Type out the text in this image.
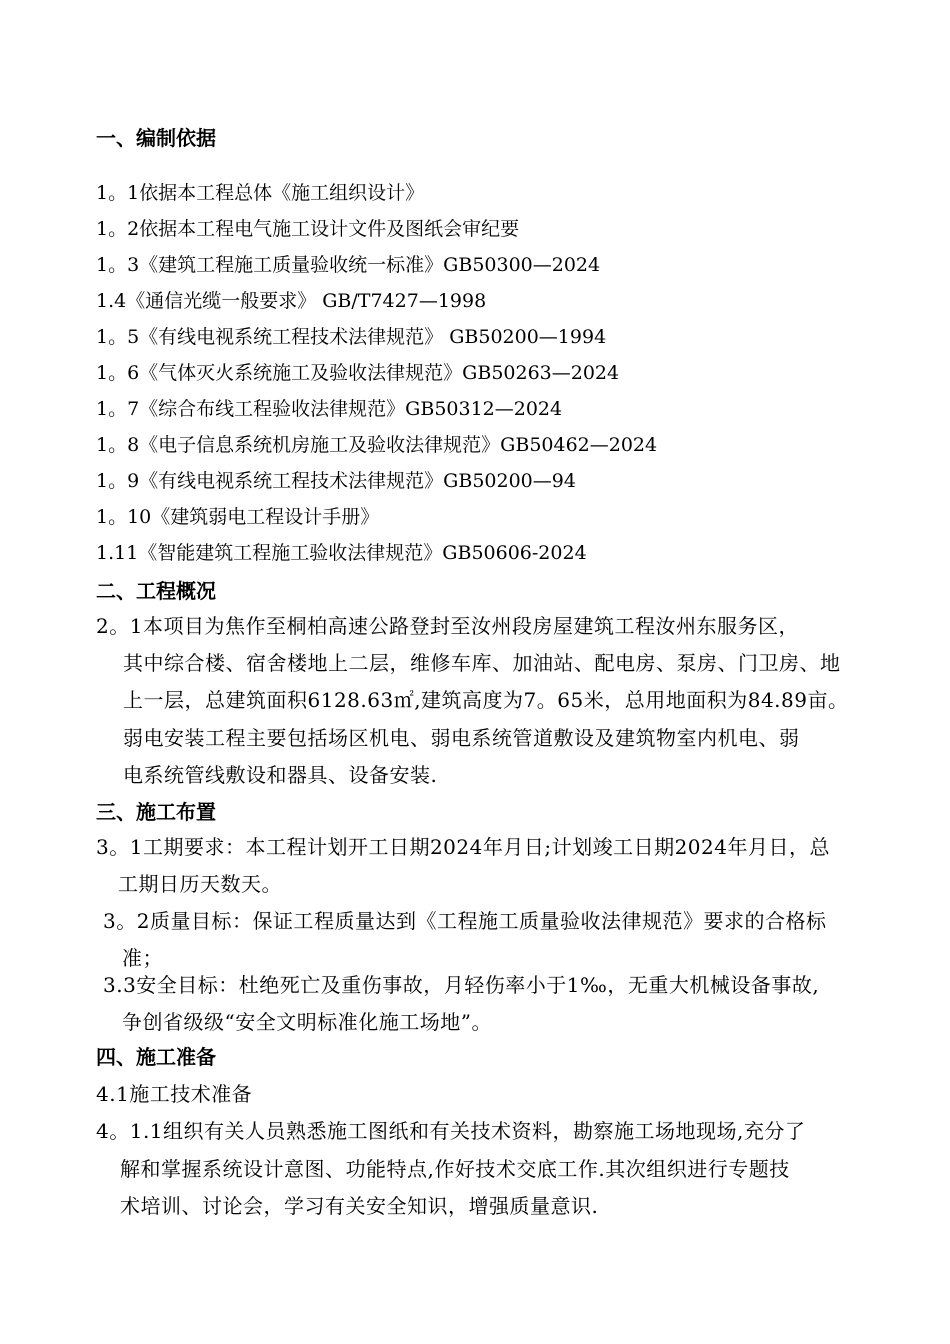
一、编制依据
1。1依据本工程总体《施工组织设计》
1。2依据本工程电气施工设计文件及图纸会审纪要
1。3《建筑工程施工质量验收统一标准》GB50300—2024
1.4《通信光缆一般要求》 GB/T7427—1998
1。5《有线电视系统工程技术法律规范》 GB50200—1994
1。6《气体灭火系统施工及验收法律规范》GB50263—2024
1。7《综合布线工程验收法律规范》GB50312—2024
1。8《电子信息系统机房施工及验收法律规范》GB50462—2024
1。9《有线电视系统工程技术法律规范》GB50200—94
1。10《建筑弱电工程设计手册》
1.11《智能建筑工程施工验收法律规范》GB50606-2024
二、工程概况
2。1本项目为焦作至桐柏高速公路登封至汝州段房屋建筑工程汝州东服务区，
其中综合楼、宿舍楼地上二层，维修车库、加油站、配电房、泵房、门卫房、地
上一层，总建筑面积6128.63㎡,建筑高度为7。65米，总用地面积为84.89亩。
弱电安装工程主要包括场区机电、弱电系统管道敷设及建筑物室内机电、弱
电系统管线敷设和器具、设备安装.
三、施工布置
3。1工期要求：本工程计划开工日期2024年月日;计划竣工日期2024年月日，总
工期日历天数天。
3。2质量目标：保证工程质量达到《工程施工质量验收法律规范》要求的合格标
准；
3.3安全目标：杜绝死亡及重伤事故，月轻伤率小于1‰，无重大机械设备事故,
争创省级级“安全文明标准化施工场地”。
四、施工准备
4.1施工技术准备
4。1.1组织有关人员熟悉施工图纸和有关技术资料，勘察施工场地现场,充分了
解和掌握系统设计意图、功能特点,作好技术交底工作.其次组织进行专题技
术培训、讨论会，学习有关安全知识，增强质量意识.
